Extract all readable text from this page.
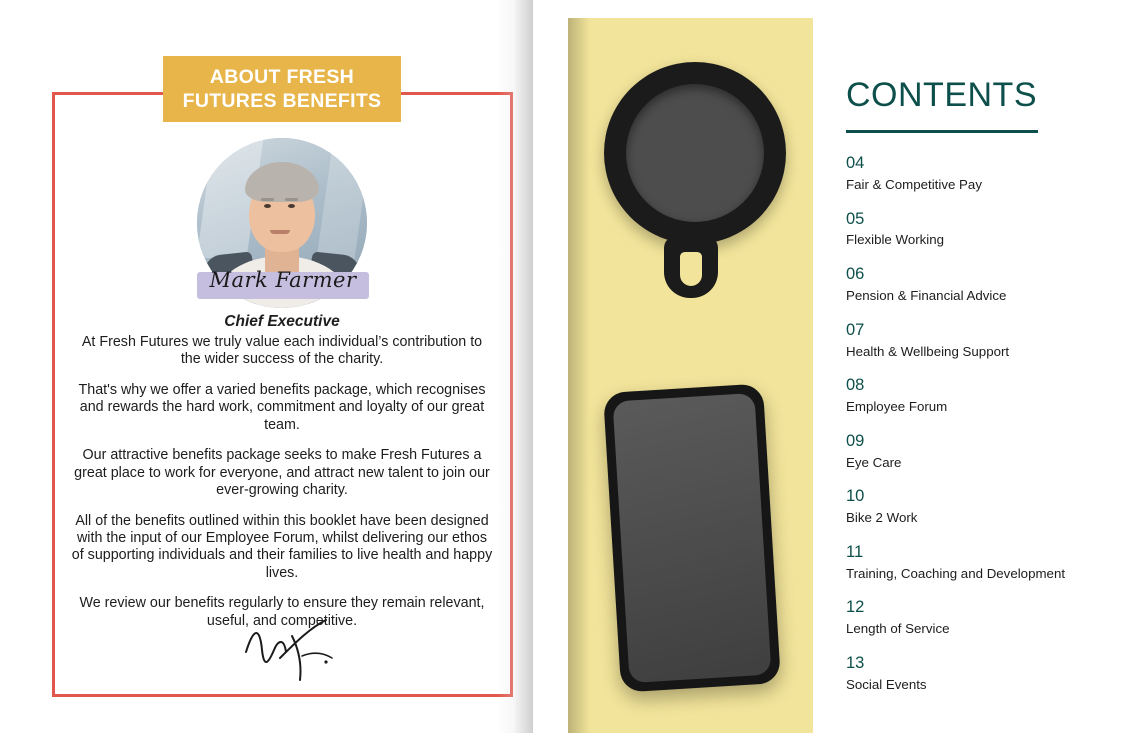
ABOUT FRESH
FUTURES BENEFITS
Mark Farmer
Chief Executive

At Fresh Futures we truly value each individual’s contribution to the wider success of the charity.

That's why we offer a varied benefits package, which recognises and rewards the hard work, commitment and loyalty of our great team.

Our attractive benefits package seeks to make Fresh Futures a great place to work for everyone, and attract new talent to join our ever-growing charity.

All of the benefits outlined within this booklet have been designed with the input of our Employee Forum, whilst delivering our ethos of supporting individuals and their families to live health and happy lives.

We review our benefits regularly to ensure they remain relevant, useful, and competitive.

CONTENTS
04
Fair & Competitive Pay
05
Flexible Working
06
Pension & Financial Advice
07
Health & Wellbeing Support
08
Employee Forum
09
Eye Care
10
Bike 2 Work
11
Training, Coaching and Development
12
Length of Service
13
Social Events
